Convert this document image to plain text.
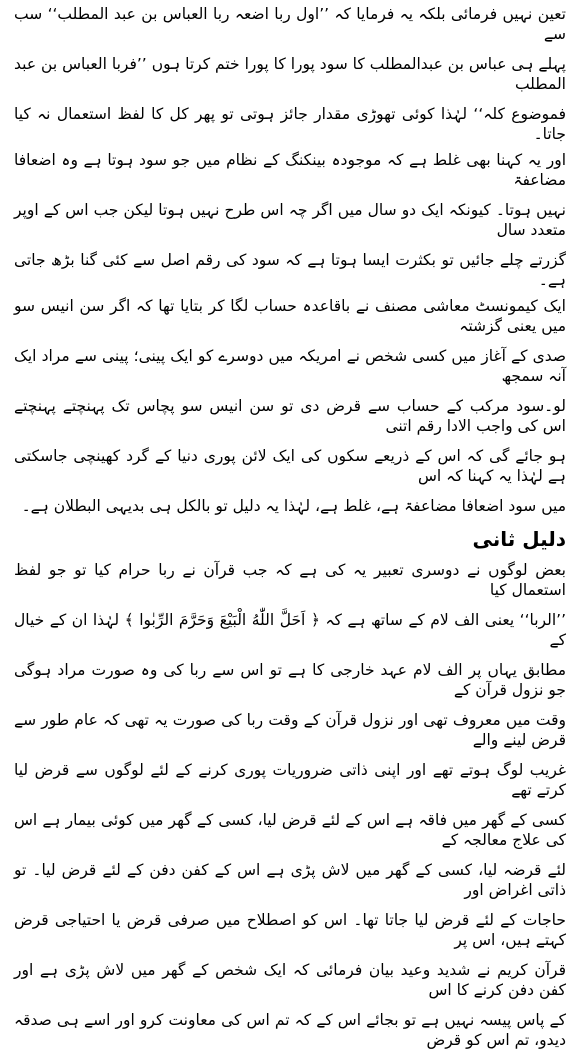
تعین نہیں فرمائی بلکہ یہ فرمایا کہ ’’اول ربا اضعہ ربا العباس بن عبد المطلب‘‘ سب سے

پہلے ہی عباس بن عبدالمطلب کا سود پورا کا پورا ختم کرتا ہوں ’’فربا العباس بن عبد المطلب

فموضوع کلہ‘‘ لہٰذا کوئی تھوڑی مقدار جائز ہوتی تو پھر کل کا لفظ استعمال نہ کیا جاتا۔

اور یہ کہنا بھی غلط ہے کہ موجودہ بینکنگ کے نظام میں جو سود ہوتا ہے وہ اضعافا مضاعفۃ

نہیں ہوتا۔ کیونکہ ایک دو سال میں اگر چہ اس طرح نہیں ہوتا لیکن جب اس کے اوپر متعدد سال

گزرتے چلے جائیں تو بکثرت ایسا ہوتا ہے کہ سود کی رقم اصل سے کئی گنا بڑھ جاتی ہے۔

ایک کیمونسٹ معاشی مصنف نے باقاعدہ حساب لگا کر بتایا تھا کہ اگر سن انیس سو میں یعنی گزشتہ

صدی کے آغاز میں کسی شخص نے امریکہ میں دوسرے کو ایک پینی؛ پینی سے مراد ایک آنہ سمجھ

لو۔سود مرکب کے حساب سے قرض دی تو سن انیس سو پچاس تک پہنچتے پہنچتے اس کی واجب الادا رقم اتنی

ہو جائے گی کہ اس کے ذریعے سکوں کی ایک لائن پوری دنیا کے گرد کھینچی جاسکتی ہے لہٰذا یہ کہنا کہ اس

میں سود اضعافا مضاعفۃ ہے، غلط ہے، لہٰذا یہ دلیل تو بالکل ہی بدیہی البطلان ہے۔

دلیل ثانی

بعض لوگوں نے دوسری تعبیر یہ کی ہے کہ جب قرآن نے ربا حرام کیا تو جو لفظ استعمال کیا

’’الربا‘‘ یعنی الف لام کے ساتھ ہے کہ ﴿ اَحَلَّ اللّٰهُ الْبَیْعَ وَحَرَّمَ الرِّبٰوا ﴾ لہٰذا ان کے خیال کے

مطابق یہاں پر الف لام عہد خارجی کا ہے تو اس سے ربا کی وہ صورت مراد ہوگی جو نزول قرآن کے

وقت میں معروف تھی اور نزول قرآن کے وقت ربا کی صورت یہ تھی کہ عام طور سے قرض لینے والے

غریب لوگ ہوتے تھے اور اپنی ذاتی ضروریات پوری کرنے کے لئے لوگوں سے قرض لیا کرتے تھے

کسی کے گھر میں فاقہ ہے اس کے لئے قرض لیا، کسی کے گھر میں کوئی بیمار ہے اس کی علاج معالجہ کے

لئے قرضہ لیا، کسی کے گھر میں لاش پڑی ہے اس کے کفن دفن کے لئے قرض لیا۔ تو ذاتی اغراض اور

حاجات کے لئے قرض لیا جاتا تھا۔ اس کو اصطلاح میں صرفی قرض یا احتیاجی قرض کہتے ہیں، اس پر

قرآن کریم نے شدید وعید بیان فرمائی کہ ایک شخص کے گھر میں لاش پڑی ہے اور کفن دفن کرنے کا اس

کے پاس پیسہ نہیں ہے تو بجائے اس کے کہ تم اس کی معاونت کرو اور اسے ہی صدقہ دیدو، تم اس کو قرض
